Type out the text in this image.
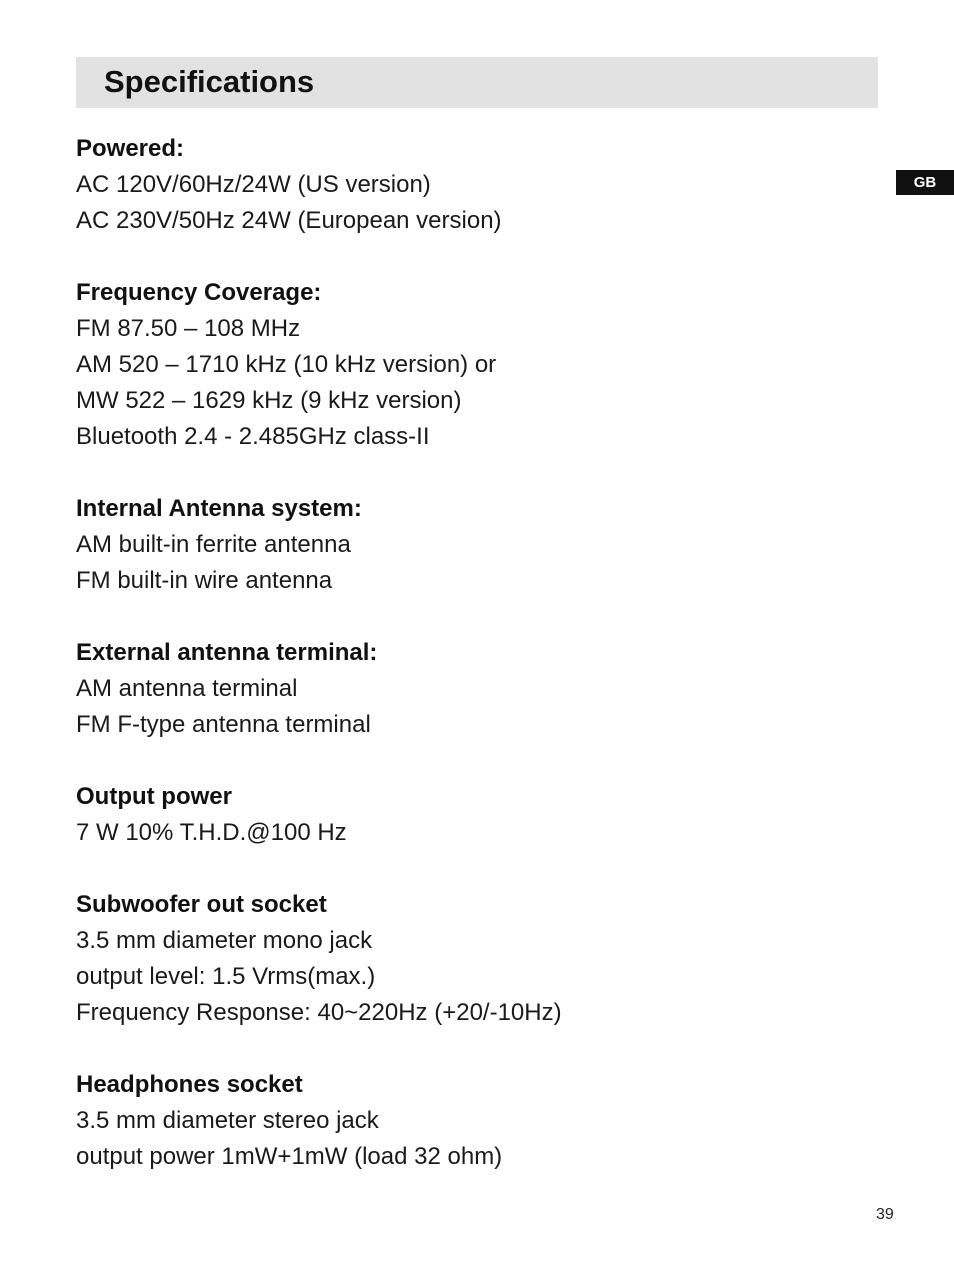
Specifications
GB
Powered:
AC 120V/60Hz/24W (US version)
AC 230V/50Hz 24W (European version)
Frequency Coverage:
FM 87.50 – 108 MHz
AM 520 – 1710 kHz (10 kHz version) or
MW 522 – 1629 kHz (9 kHz version)
Bluetooth 2.4 - 2.485GHz class-II
Internal Antenna system:
AM built-in ferrite antenna
FM built-in wire antenna
External antenna terminal:
AM antenna terminal
FM F-type antenna terminal
Output power
7 W 10% T.H.D.@100 Hz
Subwoofer out socket
3.5 mm diameter mono jack
output level: 1.5 Vrms(max.)
Frequency Response: 40~220Hz (+20/-10Hz)
Headphones socket
3.5 mm diameter stereo jack
output power 1mW+1mW (load 32 ohm)
39
